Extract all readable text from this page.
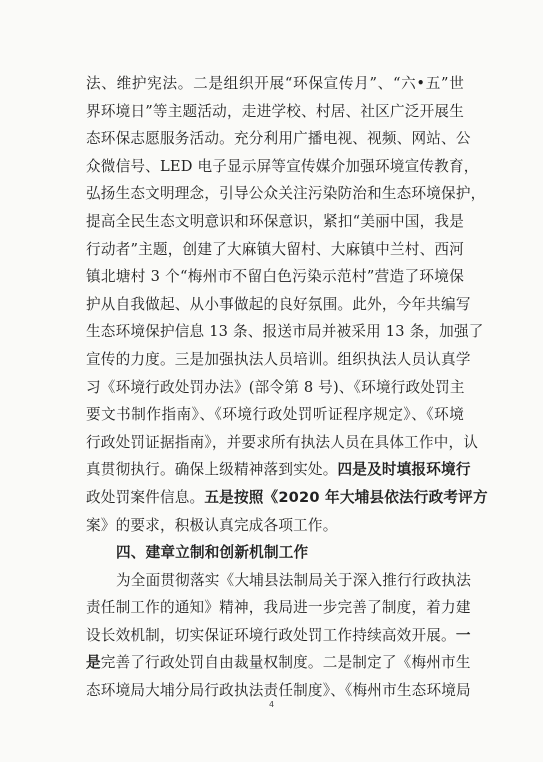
法、维护宪法。二是组织开展“环保宣传月”、“六•五”世
界环境日”等主题活动，走进学校、村居、社区广泛开展生
态环保志愿服务活动。充分利用广播电视、视频、网站、公
众微信号、LED 电子显示屏等宣传媒介加强环境宣传教育，
弘扬生态文明理念，引导公众关注污染防治和生态环境保护，
提高全民生态文明意识和环保意识，紧扣“美丽中国，我是
行动者”主题，创建了大麻镇大留村、大麻镇中兰村、西河
镇北塘村 3 个“梅州市不留白色污染示范村”营造了环境保
护从自我做起、从小事做起的良好氛围。此外，今年共编写
生态环境保护信息 13 条、报送市局并被采用 13 条，加强了
宣传的力度。三是加强执法人员培训。组织执法人员认真学
习《环境行政处罚办法》(部令第 8 号)、《环境行政处罚主
要文书制作指南》、《环境行政处罚听证程序规定》、《环境
行政处罚证据指南》，并要求所有执法人员在具体工作中，认
真贯彻执行。确保上级精神落到实处。四是及时填报环境行
政处罚案件信息。五是按照《2020 年大埔县依法行政考评方
案》的要求，积极认真完成各项工作。
四、建章立制和创新机制工作
为全面贯彻落实《大埔县法制局关于深入推行行政执法
责任制工作的通知》精神，我局进一步完善了制度，着力建
设长效机制，切实保证环境行政处罚工作持续高效开展。一
是完善了行政处罚自由裁量权制度。二是制定了《梅州市生
态环境局大埔分局行政执法责任制度》、《梅州市生态环境局
4
